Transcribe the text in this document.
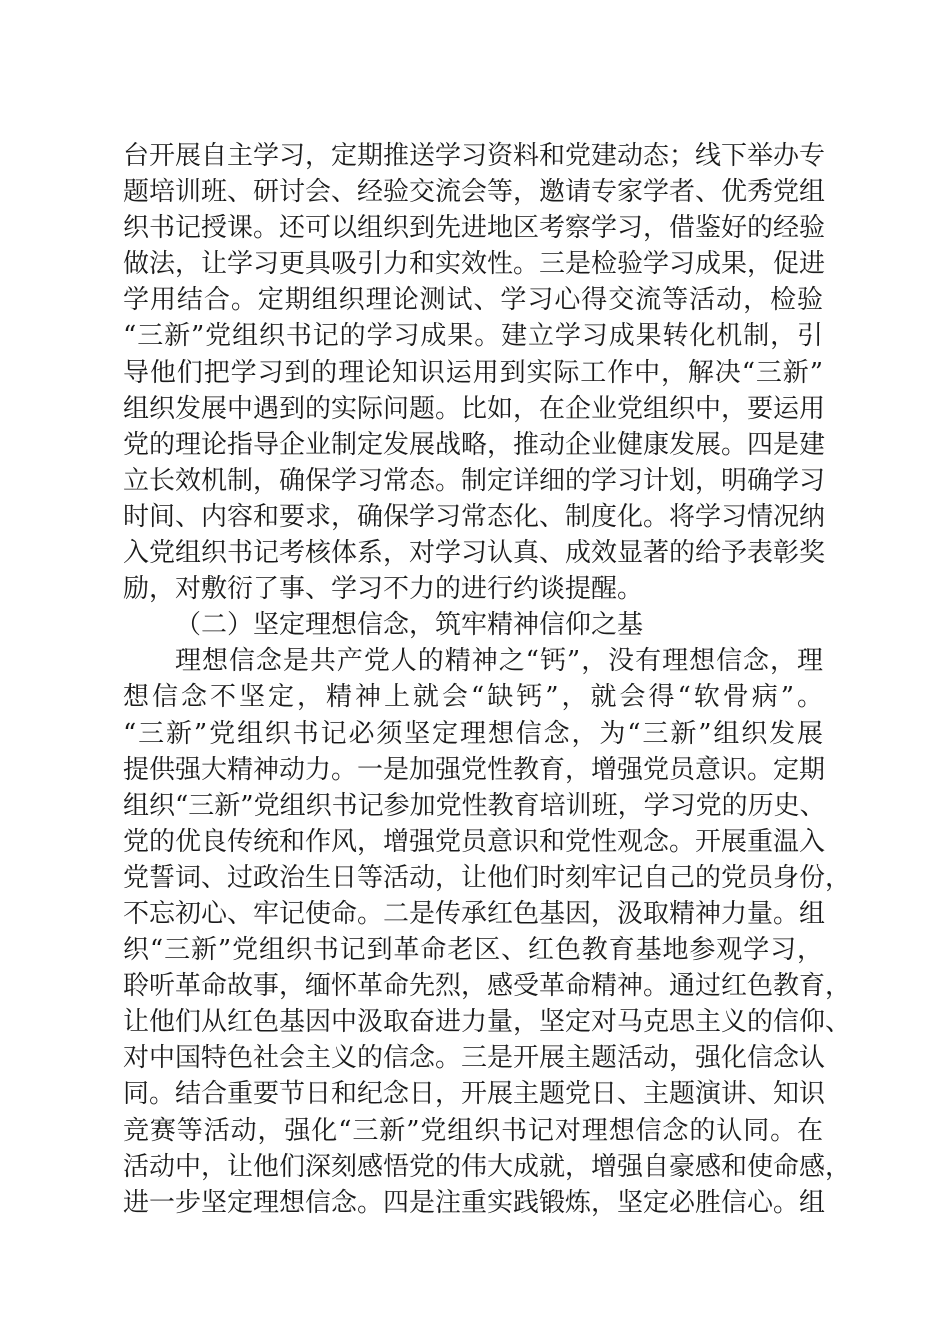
台开展自主学习，定期推送学习资料和党建动态；线下举办专
题培训班、研讨会、经验交流会等，邀请专家学者、优秀党组
织书记授课。还可以组织到先进地区考察学习，借鉴好的经验
做法，让学习更具吸引力和实效性。三是检验学习成果，促进
学用结合。定期组织理论测试、学习心得交流等活动，检验
“三新”党组织书记的学习成果。建立学习成果转化机制，引
导他们把学习到的理论知识运用到实际工作中，解决“三新”
组织发展中遇到的实际问题。比如，在企业党组织中，要运用
党的理论指导企业制定发展战略，推动企业健康发展。四是建
立长效机制，确保学习常态。制定详细的学习计划，明确学习
时间、内容和要求，确保学习常态化、制度化。将学习情况纳
入党组织书记考核体系，对学习认真、成效显著的给予表彰奖
励，对敷衍了事、学习不力的进行约谈提醒。
（二）坚定理想信念，筑牢精神信仰之基
理想信念是共产党人的精神之“钙”，没有理想信念，理
想信念不坚定，精神上就会“缺钙”，就会得“软骨病”。
“三新”党组织书记必须坚定理想信念，为“三新”组织发展
提供强大精神动力。一是加强党性教育，增强党员意识。定期
组织“三新”党组织书记参加党性教育培训班，学习党的历史、
党的优良传统和作风，增强党员意识和党性观念。开展重温入
党誓词、过政治生日等活动，让他们时刻牢记自己的党员身份，
不忘初心、牢记使命。二是传承红色基因，汲取精神力量。组
织“三新”党组织书记到革命老区、红色教育基地参观学习，
聆听革命故事，缅怀革命先烈，感受革命精神。通过红色教育，
让他们从红色基因中汲取奋进力量，坚定对马克思主义的信仰、
对中国特色社会主义的信念。三是开展主题活动，强化信念认
同。结合重要节日和纪念日，开展主题党日、主题演讲、知识
竞赛等活动，强化“三新”党组织书记对理想信念的认同。在
活动中，让他们深刻感悟党的伟大成就，增强自豪感和使命感，
进一步坚定理想信念。四是注重实践锻炼，坚定必胜信心。组
